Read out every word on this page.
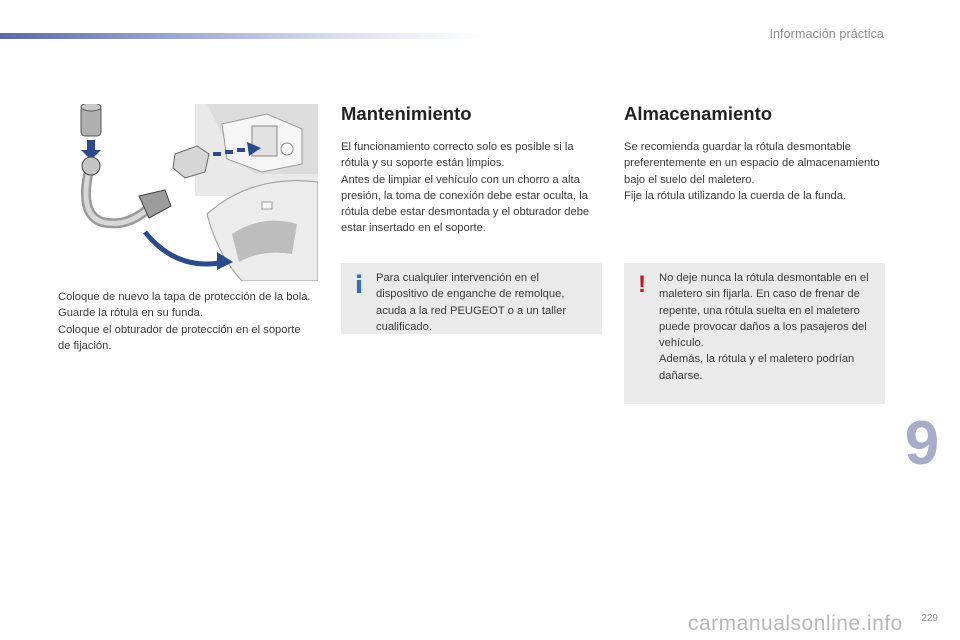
Información práctica

Coloque de nuevo la tapa de protección de la bola.

Guarde la rótula en su funda.

Coloque el obturador de protección en el soporte de fijación.

Mantenimiento

El funcionamiento correcto solo es posible si la rótula y su soporte están limpios.

Antes de limpiar el vehículo con un chorro a alta presión, la toma de conexión debe estar oculta, la rótula debe estar desmontada y el obturador debe estar insertado en el soporte.

i	Para cualquier intervención en el dispositivo de enganche de remolque, acuda a la red PEUGEOT o a un taller cualificado.
Almacenamiento

Se recomienda guardar la rótula desmontable preferentemente en un espacio de almacenamiento bajo el suelo del maletero.

Fije la rótula utilizando la cuerda de la funda.

!	No deje nunca la rótula desmontable en el maletero sin fijarla. En caso de frenar de repente, una rótula suelta en el maletero puede provocar daños a los pasajeros del vehículo.

Además, la rótula y el maletero podrían dañarse.

9
carmanualsonline.info 229
